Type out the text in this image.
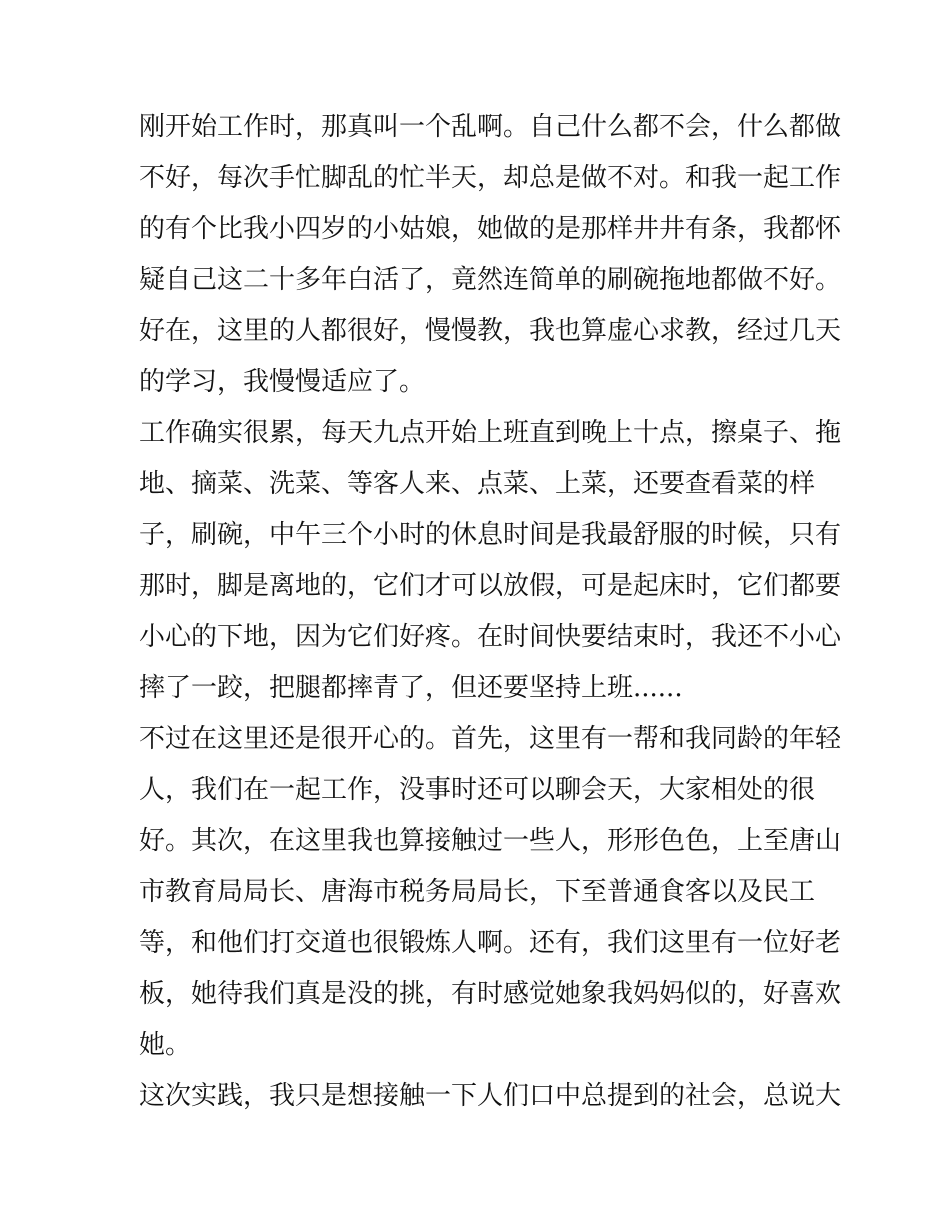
刚开始工作时，那真叫一个乱啊。自己什么都不会，什么都做
不好，每次手忙脚乱的忙半天，却总是做不对。和我一起工作
的有个比我小四岁的小姑娘，她做的是那样井井有条，我都怀
疑自己这二十多年白活了，竟然连简单的刷碗拖地都做不好。
好在，这里的人都很好，慢慢教，我也算虚心求教，经过几天
的学习，我慢慢适应了。
工作确实很累，每天九点开始上班直到晚上十点，擦桌子、拖
地、摘菜、洗菜、等客人来、点菜、上菜，还要查看菜的样
子，刷碗，中午三个小时的休息时间是我最舒服的时候，只有
那时，脚是离地的，它们才可以放假，可是起床时，它们都要
小心的下地，因为它们好疼。在时间快要结束时，我还不小心
摔了一跤，把腿都摔青了，但还要坚持上班......
不过在这里还是很开心的。首先，这里有一帮和我同龄的年轻
人，我们在一起工作，没事时还可以聊会天，大家相处的很
好。其次，在这里我也算接触过一些人，形形色色，上至唐山
市教育局局长、唐海市税务局局长，下至普通食客以及民工
等，和他们打交道也很锻炼人啊。还有，我们这里有一位好老
板，她待我们真是没的挑，有时感觉她象我妈妈似的，好喜欢
她。
这次实践，我只是想接触一下人们口中总提到的社会，总说大
